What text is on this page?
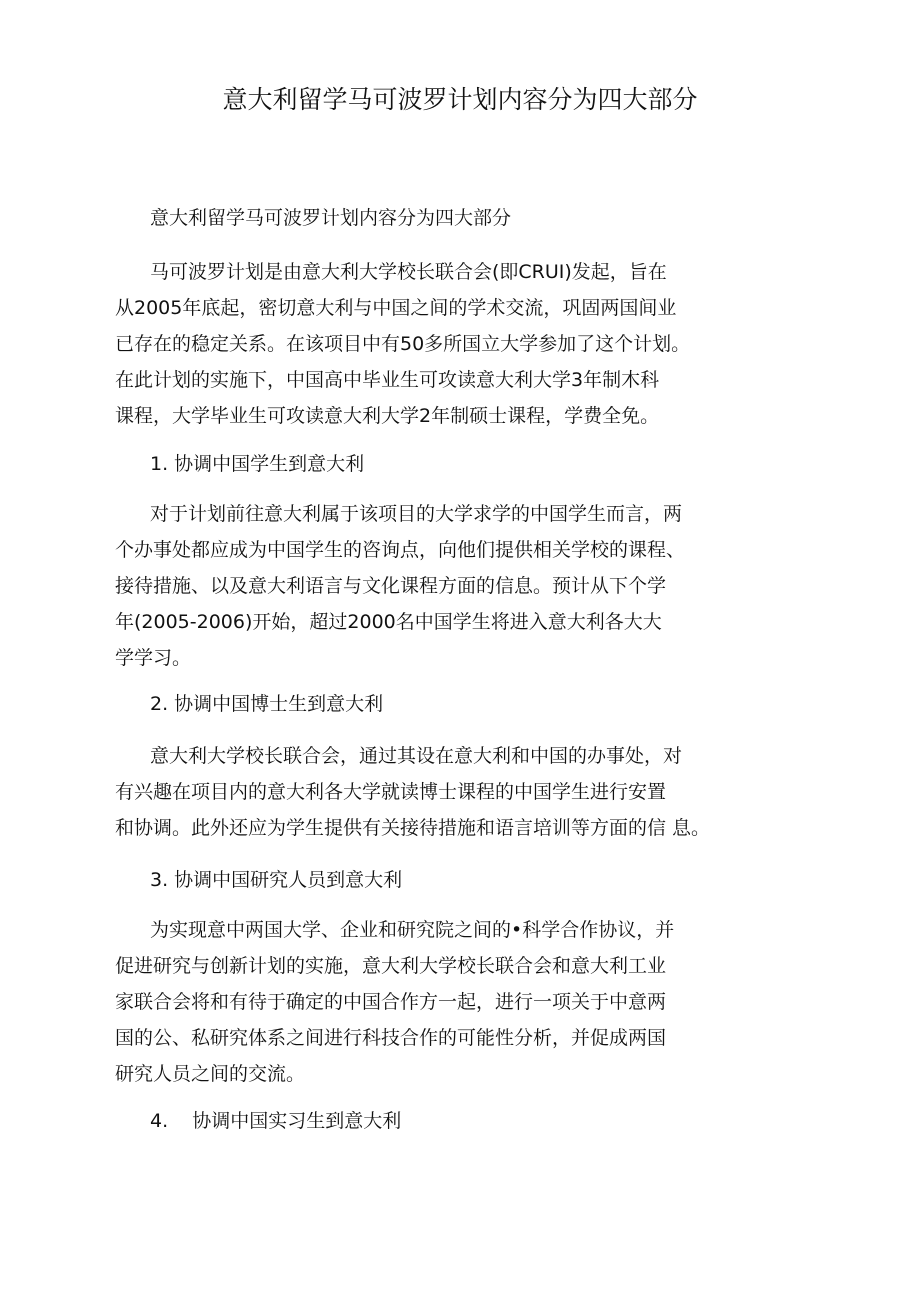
意大利留学马可波罗计划内容分为四大部分

意大利留学马可波罗计划内容分为四大部分

马可波罗计划是由意大利大学校长联合会(即CRUI)发起，旨在
从2005年底起，密切意大利与中国之间的学术交流，巩固两国间业
已存在的稳定关系。在该项目中有50多所国立大学参加了这个计划。
在此计划的实施下，中国高中毕业生可攻读意大利大学3年制木科
课程，大学毕业生可攻读意大利大学2年制硕士课程，学费全免。

1. 协调中国学生到意大利

对于计划前往意大利属于该项目的大学求学的中国学生而言，两
个办事处都应成为中国学生的咨询点，向他们提供相关学校的课程、
接待措施、以及意大利语言与文化课程方面的信息。预计从下个学
年(2005-2006)开始，超过2000名中国学生将进入意大利各大大
学学习。

2. 协调中国博士生到意大利

意大利大学校长联合会，通过其设在意大利和中国的办事处，对
有兴趣在项目内的意大利各大学就读博士课程的中国学生进行安置
和协调。此外还应为学生提供有关接待措施和语言培训等方面的信 息。

3. 协调中国研究人员到意大利

为实现意中两国大学、企业和研究院之间的•科学合作协议，并
促进研究与创新计划的实施，意大利大学校长联合会和意大利工业
家联合会将和有待于确定的中国合作方一起，进行一项关于中意两
国的公、私研究体系之间进行科技合作的可能性分析，并促成两国
研究人员之间的交流。

4.    协调中国实习生到意大利
